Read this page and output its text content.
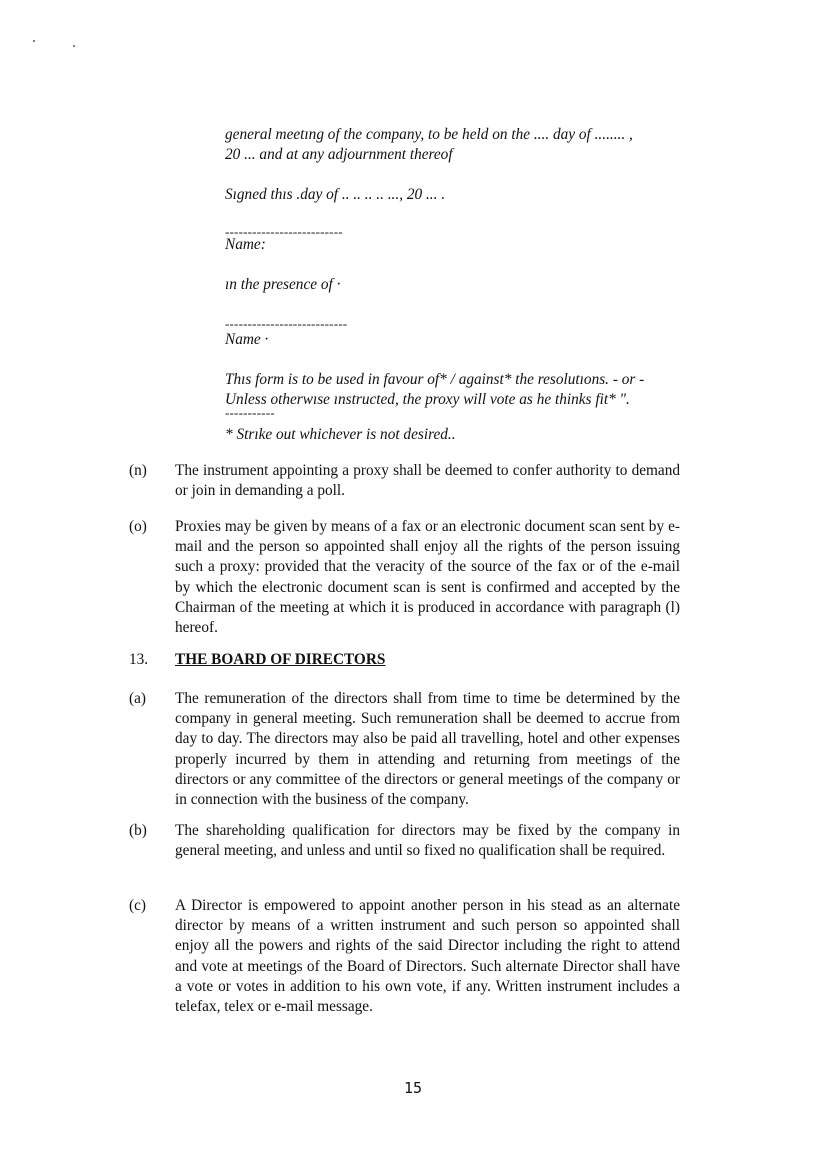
general meetıng of the company, to be held on the .... day of ........ ,
20 ... and at any adjournment thereof
Sıgned thıs .day of .. .. .. .. ..., 20 ... .
--------------------------
Name:
ın the presence of ·
---------------------------
Name ·
Thıs form is to be used in favour of* / against* the resolutıons. - or -
Unless otherwıse ınstructed, the proxy will vote as he thinks fit* ".
-----------
* Strıke out whichever is not desired..
(n) The instrument appointing a proxy shall be deemed to confer authority to demand or join in demanding a poll.
(o) Proxies may be given by means of a fax or an electronic document scan sent by e-mail and the person so appointed shall enjoy all the rights of the person issuing such a proxy: provided that the veracity of the source of the fax or of the e-mail by which the electronic document scan is sent is confirmed and accepted by the Chairman of the meeting at which it is produced in accordance with paragraph (l) hereof.
13. THE BOARD OF DIRECTORS
(a) The remuneration of the directors shall from time to time be determined by the company in general meeting. Such remuneration shall be deemed to accrue from day to day. The directors may also be paid all travelling, hotel and other expenses properly incurred by them in attending and returning from meetings of the directors or any committee of the directors or general meetings of the company or in connection with the business of the company.
(b) The shareholding qualification for directors may be fixed by the company in general meeting, and unless and until so fixed no qualification shall be required.
(c) A Director is empowered to appoint another person in his stead as an alternate director by means of a written instrument and such person so appointed shall enjoy all the powers and rights of the said Director including the right to attend and vote at meetings of the Board of Directors. Such alternate Director shall have a vote or votes in addition to his own vote, if any. Written instrument includes a telefax, telex or e-mail message.
15
